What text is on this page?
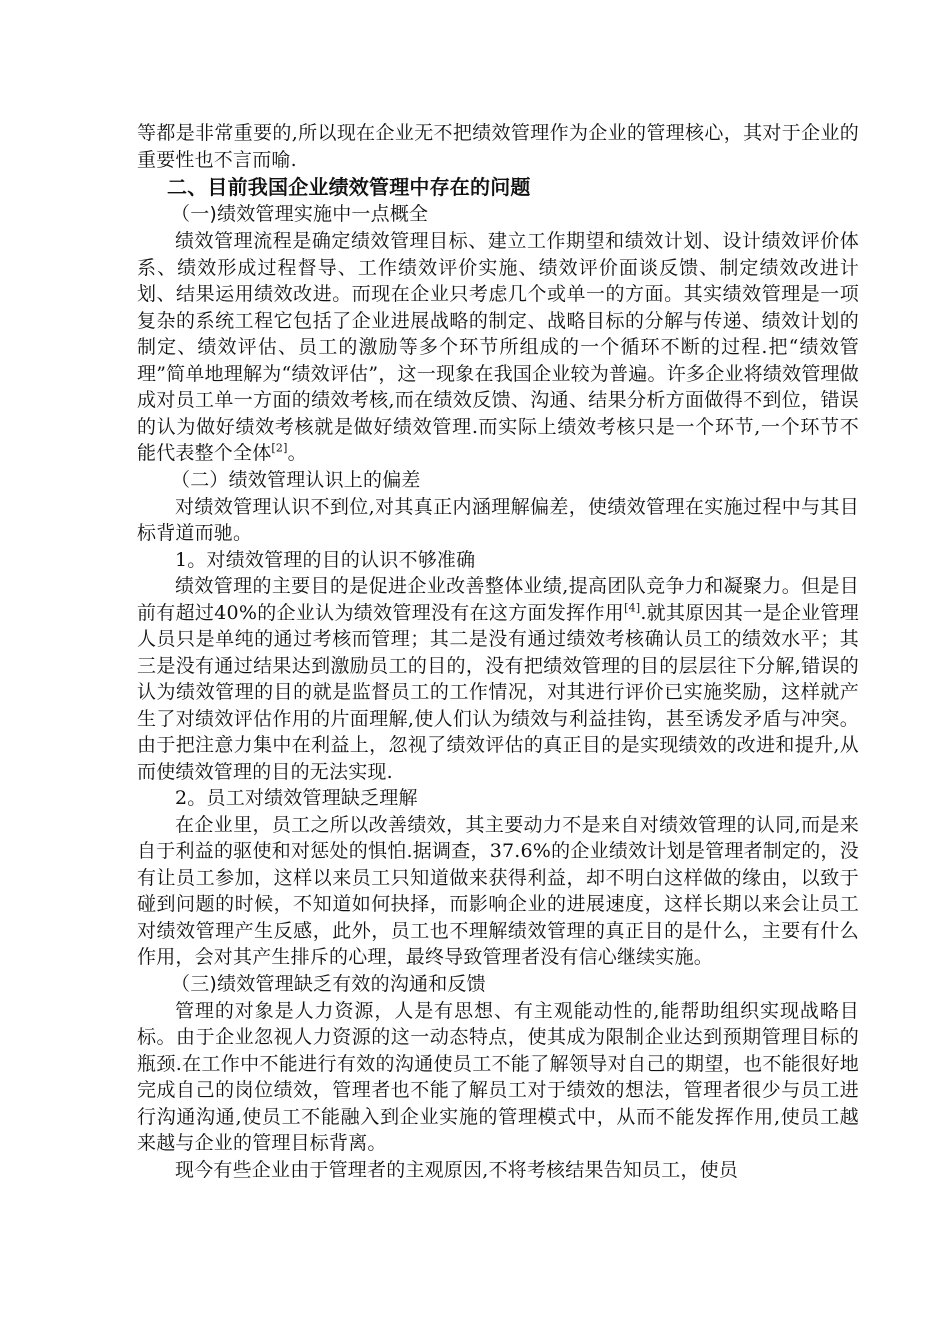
等都是非常重要的,所以现在企业无不把绩效管理作为企业的管理核心，其对于企业的重要性也不言而喻.

二、目前我国企业绩效管理中存在的问题

（一)绩效管理实施中一点概全

绩效管理流程是确定绩效管理目标、建立工作期望和绩效计划、设计绩效评价体系、绩效形成过程督导、工作绩效评价实施、绩效评价面谈反馈、制定绩效改进计划、结果运用绩效改进。而现在企业只考虑几个或单一的方面。其实绩效管理是一项复杂的系统工程它包括了企业进展战略的制定、战略目标的分解与传递、绩效计划的制定、绩效评估、员工的激励等多个环节所组成的一个循环不断的过程.把“绩效管理”简单地理解为“绩效评估”，这一现象在我国企业较为普遍。许多企业将绩效管理做成对员工单一方面的绩效考核,而在绩效反馈、沟通、结果分析方面做得不到位，错误的认为做好绩效考核就是做好绩效管理.而实际上绩效考核只是一个环节,一个环节不能代表整个全体[2]。

（二）绩效管理认识上的偏差

对绩效管理认识不到位,对其真正内涵理解偏差，使绩效管理在实施过程中与其目标背道而驰。

1。对绩效管理的目的认识不够准确

绩效管理的主要目的是促进企业改善整体业绩,提高团队竞争力和凝聚力。但是目前有超过40%的企业认为绩效管理没有在这方面发挥作用[4].就其原因其一是企业管理人员只是单纯的通过考核而管理；其二是没有通过绩效考核确认员工的绩效水平；其三是没有通过结果达到激励员工的目的，没有把绩效管理的目的层层往下分解,错误的认为绩效管理的目的就是监督员工的工作情况，对其进行评价已实施奖励，这样就产生了对绩效评估作用的片面理解,使人们认为绩效与利益挂钩，甚至诱发矛盾与冲突。由于把注意力集中在利益上，忽视了绩效评估的真正目的是实现绩效的改进和提升,从而使绩效管理的目的无法实现.

2。员工对绩效管理缺乏理解

在企业里，员工之所以改善绩效，其主要动力不是来自对绩效管理的认同,而是来自于利益的驱使和对惩处的惧怕.据调查，37.6%的企业绩效计划是管理者制定的，没有让员工参加，这样以来员工只知道做来获得利益，却不明白这样做的缘由，以致于碰到问题的时候，不知道如何抉择，而影响企业的进展速度，这样长期以来会让员工对绩效管理产生反感，此外，员工也不理解绩效管理的真正目的是什么，主要有什么作用，会对其产生排斥的心理，最终导致管理者没有信心继续实施。

（三)绩效管理缺乏有效的沟通和反馈

管理的对象是人力资源，人是有思想、有主观能动性的,能帮助组织实现战略目标。由于企业忽视人力资源的这一动态特点，使其成为限制企业达到预期管理目标的瓶颈.在工作中不能进行有效的沟通使员工不能了解领导对自己的期望，也不能很好地完成自己的岗位绩效，管理者也不能了解员工对于绩效的想法，管理者很少与员工进行沟通沟通,使员工不能融入到企业实施的管理模式中，从而不能发挥作用,使员工越来越与企业的管理目标背离。

现今有些企业由于管理者的主观原因,不将考核结果告知员工，使员
